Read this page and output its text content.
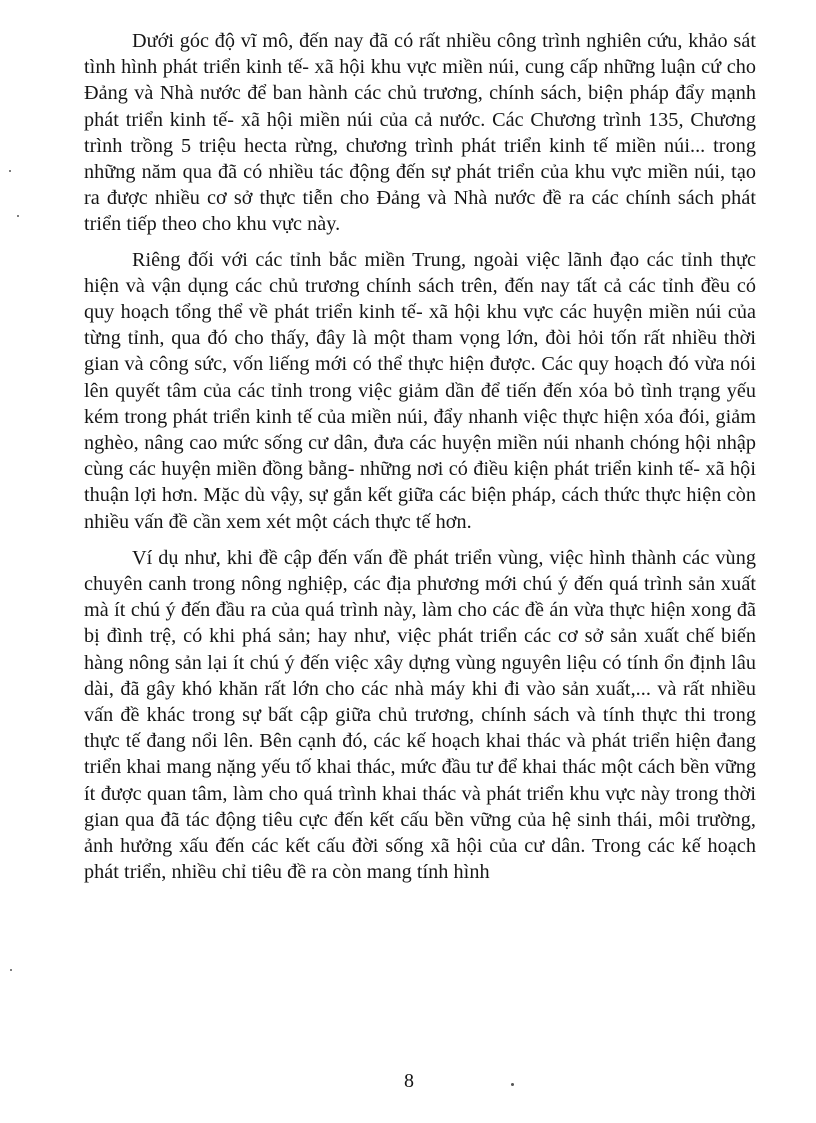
Dưới góc độ vĩ mô, đến nay đã có rất nhiều công trình nghiên cứu, khảo sát tình hình phát triển kinh tế- xã hội khu vực miền núi, cung cấp những luận cứ cho Đảng và Nhà nước để ban hành các chủ trương, chính sách, biện pháp đẩy mạnh phát triển kinh tế- xã hội miền núi của cả nước. Các Chương trình 135, Chương trình trồng 5 triệu hecta rừng, chương trình phát triển kinh tế miền núi... trong những năm qua đã có nhiều tác động đến sự phát triển của khu vực miền núi, tạo ra được nhiều cơ sở thực tiễn cho Đảng và Nhà nước đề ra các chính sách phát triển tiếp theo cho khu vực này.

Riêng đối với các tỉnh bắc miền Trung, ngoài việc lãnh đạo các tỉnh thực hiện và vận dụng các chủ trương chính sách trên, đến nay tất cả các tỉnh đều có quy hoạch tổng thể về phát triển kinh tế- xã hội khu vực các huyện miền núi của từng tỉnh, qua đó cho thấy, đây là một tham vọng lớn, đòi hỏi tốn rất nhiều thời gian và công sức, vốn liếng mới có thể thực hiện được. Các quy hoạch đó vừa nói lên quyết tâm của các tỉnh trong việc giảm dần để tiến đến xóa bỏ tình trạng yếu kém trong phát triển kinh tế của miền núi, đẩy nhanh việc thực hiện xóa đói, giảm nghèo, nâng cao mức sống cư dân, đưa các huyện miền núi nhanh chóng hội nhập cùng các huyện miền đồng bằng- những nơi có điều kiện phát triển kinh tế- xã hội thuận lợi hơn. Mặc dù vậy, sự gắn kết giữa các biện pháp, cách thức thực hiện còn nhiều vấn đề cần xem xét một cách thực tế hơn.

Ví dụ như, khi đề cập đến vấn đề phát triển vùng, việc hình thành các vùng chuyên canh trong nông nghiệp, các địa phương mới chú ý đến quá trình sản xuất mà ít chú ý đến đầu ra của quá trình này, làm cho các đề án vừa thực hiện xong đã bị đình trệ, có khi phá sản; hay như, việc phát triển các cơ sở sản xuất chế biến hàng nông sản lại ít chú ý đến việc xây dựng vùng nguyên liệu có tính ổn định lâu dài, đã gây khó khăn rất lớn cho các nhà máy khi đi vào sản xuất,... và rất nhiều vấn đề khác trong sự bất cập giữa chủ trương, chính sách và tính thực thi trong thực tế đang nổi lên. Bên cạnh đó, các kế hoạch khai thác và phát triển hiện đang triển khai mang nặng yếu tố khai thác, mức đầu tư để khai thác một cách bền vững ít được quan tâm, làm cho quá trình khai thác và phát triển khu vực này trong thời gian qua đã tác động tiêu cực đến kết cấu bền vững của hệ sinh thái, môi trường, ảnh hưởng xấu đến các kết cấu đời sống xã hội của cư dân. Trong các kế hoạch phát triển, nhiều chỉ tiêu đề ra còn mang tính hình

8
